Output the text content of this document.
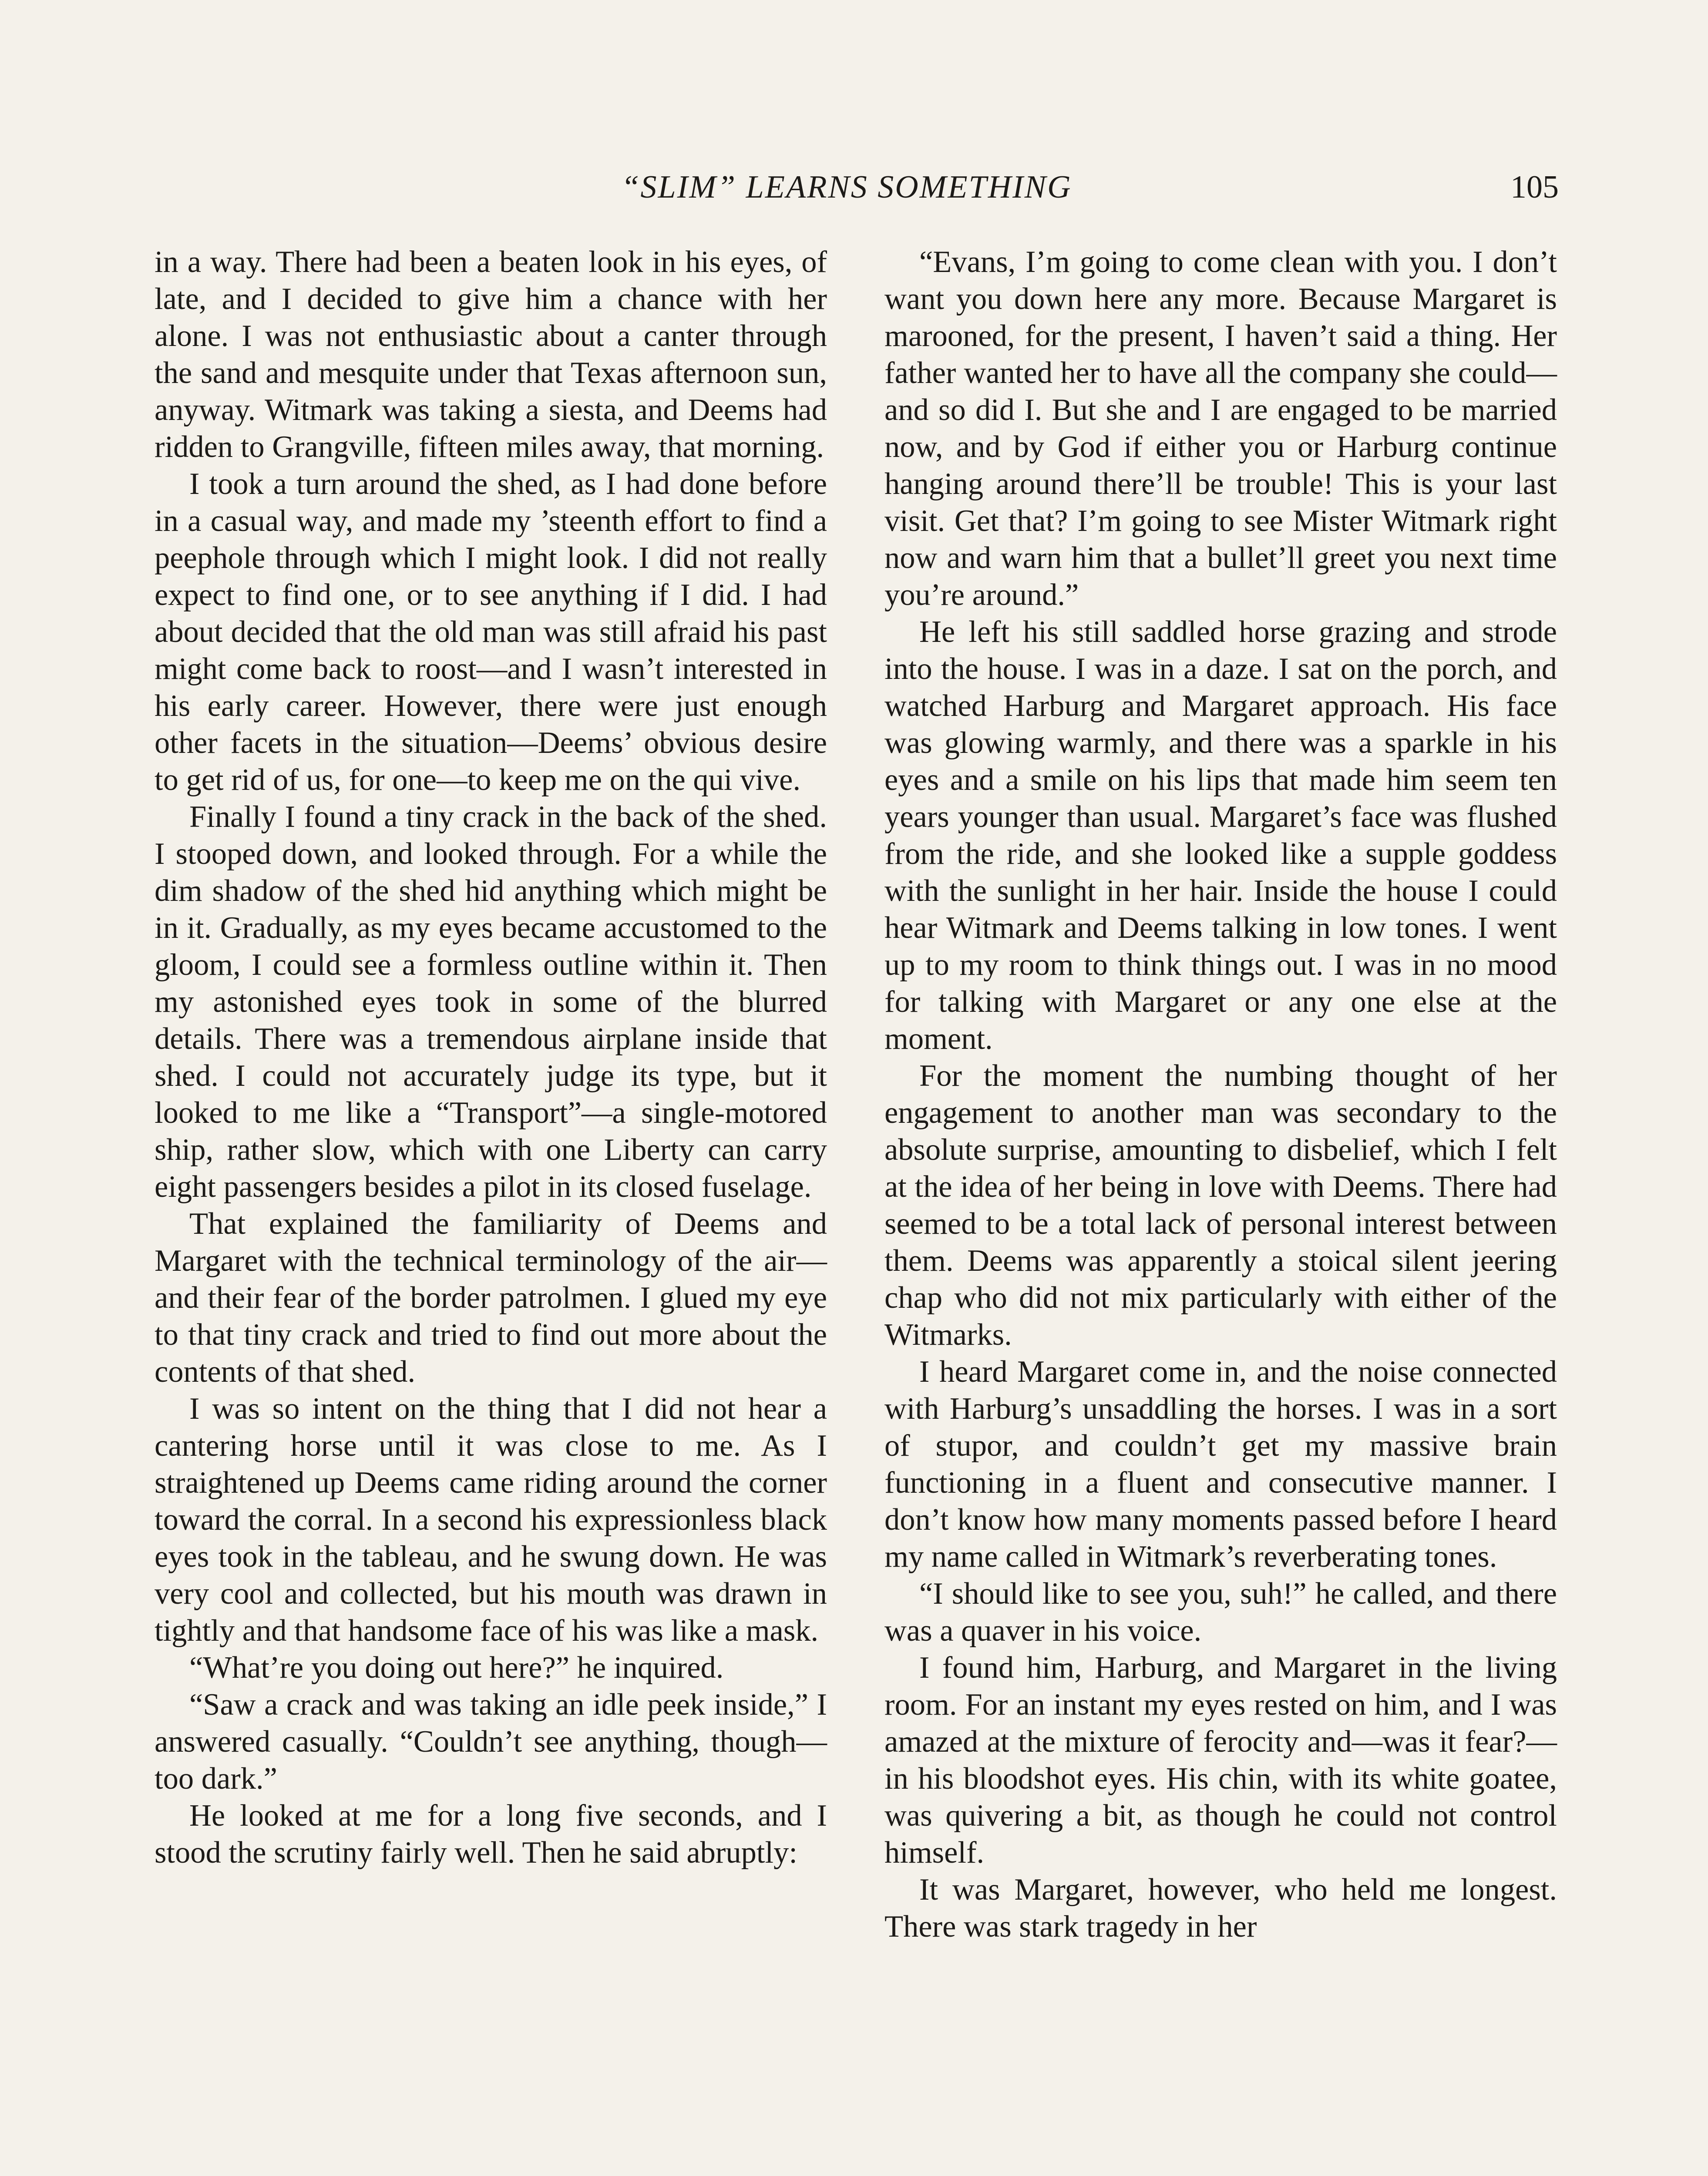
“SLIM” LEARNS SOMETHING	105

in a way. There had been a beaten look in his eyes, of late, and I decided to give him a chance with her alone. I was not enthusiastic about a canter through the sand and mesquite under that Texas afternoon sun, anyway. Witmark was taking a siesta, and Deems had ridden to Grangville, fifteen miles away, that morning.

I took a turn around the shed, as I had done before in a casual way, and made my ’steenth effort to find a peephole through which I might look. I did not really expect to find one, or to see anything if I did. I had about decided that the old man was still afraid his past might come back to roost—and I wasn’t interested in his early career. However, there were just enough other facets in the situation—Deems’ obvious desire to get rid of us, for one—to keep me on the qui vive.

Finally I found a tiny crack in the back of the shed. I stooped down, and looked through. For a while the dim shadow of the shed hid anything which might be in it. Gradually, as my eyes became accustomed to the gloom, I could see a formless outline within it. Then my astonished eyes took in some of the blurred details. There was a tremendous airplane inside that shed. I could not accurately judge its type, but it looked to me like a “Transport”—a single-motored ship, rather slow, which with one Liberty can carry eight passengers besides a pilot in its closed fuselage.

That explained the familiarity of Deems and Margaret with the technical terminology of the air—and their fear of the border patrolmen. I glued my eye to that tiny crack and tried to find out more about the contents of that shed.

I was so intent on the thing that I did not hear a cantering horse until it was close to me. As I straightened up Deems came riding around the corner toward the corral. In a second his expressionless black eyes took in the tableau, and he swung down. He was very cool and collected, but his mouth was drawn in tightly and that handsome face of his was like a mask.

“What’re you doing out here?” he inquired.

“Saw a crack and was taking an idle peek inside,” I answered casually. “Couldn’t see anything, though—too dark.”

He looked at me for a long five seconds, and I stood the scrutiny fairly well. Then he said abruptly:

“Evans, I’m going to come clean with you. I don’t want you down here any more. Because Margaret is marooned, for the present, I haven’t said a thing. Her father wanted her to have all the company she could—and so did I. But she and I are engaged to be married now, and by God if either you or Harburg continue hanging around there’ll be trouble! This is your last visit. Get that? I’m going to see Mister Witmark right now and warn him that a bullet’ll greet you next time you’re around.”

He left his still saddled horse grazing and strode into the house. I was in a daze. I sat on the porch, and watched Harburg and Margaret approach. His face was glowing warmly, and there was a sparkle in his eyes and a smile on his lips that made him seem ten years younger than usual. Margaret’s face was flushed from the ride, and she looked like a supple goddess with the sunlight in her hair. Inside the house I could hear Witmark and Deems talking in low tones. I went up to my room to think things out. I was in no mood for talking with Margaret or any one else at the moment.

For the moment the numbing thought of her engagement to another man was secondary to the absolute surprise, amounting to disbelief, which I felt at the idea of her being in love with Deems. There had seemed to be a total lack of personal interest between them. Deems was apparently a stoical silent jeering chap who did not mix particularly with either of the Witmarks.

I heard Margaret come in, and the noise connected with Harburg’s unsaddling the horses. I was in a sort of stupor, and couldn’t get my massive brain functioning in a fluent and consecutive manner. I don’t know how many moments passed before I heard my name called in Witmark’s reverberating tones.

“I should like to see you, suh!” he called, and there was a quaver in his voice.

I found him, Harburg, and Margaret in the living room. For an instant my eyes rested on him, and I was amazed at the mixture of ferocity and—was it fear?—in his bloodshot eyes. His chin, with its white goatee, was quivering a bit, as though he could not control himself.

It was Margaret, however, who held me longest. There was stark tragedy in her
